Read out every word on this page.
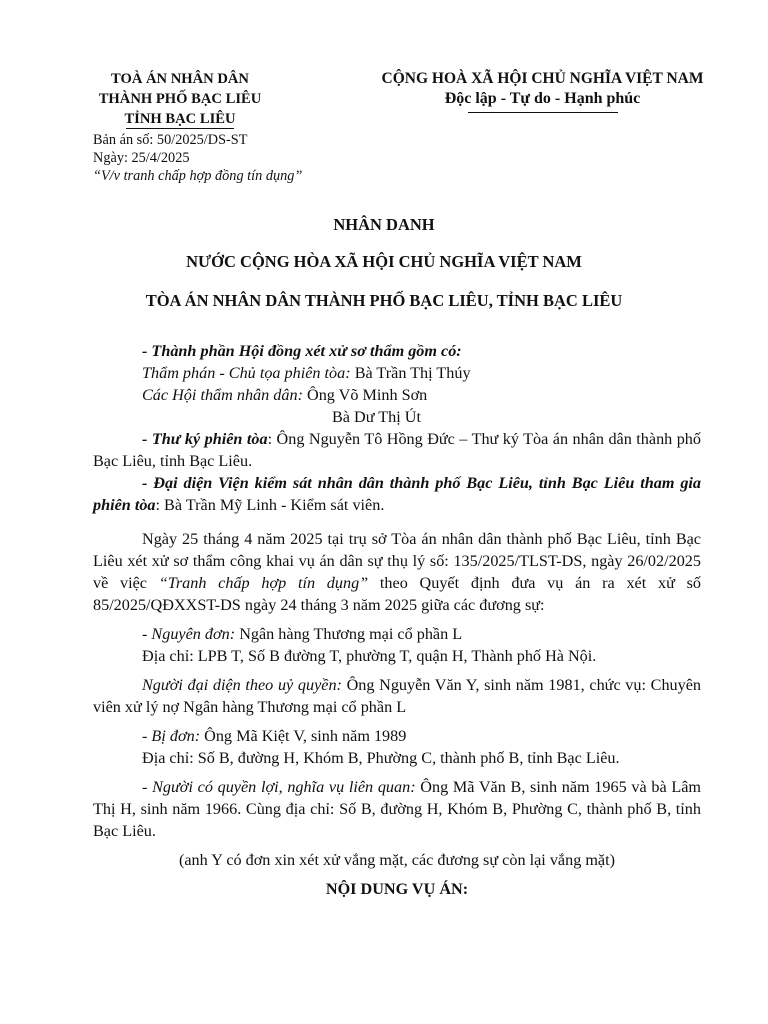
TOÀ ÁN NHÂN DÂN
THÀNH PHỐ BẠC LIÊU
TỈNH BẠC LIÊU
CỘNG HOÀ XÃ HỘI CHỦ NGHĨA VIỆT NAM
Độc lập - Tự do - Hạnh phúc
Bản án số: 50/2025/DS-ST
Ngày: 25/4/2025
“V/v tranh chấp hợp đồng tín dụng”
NHÂN DANH
NƯỚC CỘNG HÒA XÃ HỘI CHỦ NGHĨA VIỆT NAM
TÒA ÁN NHÂN DÂN THÀNH PHỐ BẠC LIÊU, TỈNH BẠC LIÊU

- Thành phần Hội đồng xét xử sơ thẩm gồm có:

Thẩm phán - Chủ tọa phiên tòa: Bà Trần Thị Thúy

Các Hội thẩm nhân dân: Ông Võ Minh Sơn

Bà Dư Thị Út

- Thư ký phiên tòa: Ông Nguyễn Tô Hồng Đức – Thư ký Tòa án nhân dân thành phố Bạc Liêu, tỉnh Bạc Liêu.

- Đại diện Viện kiểm sát nhân dân thành phố Bạc Liêu, tỉnh Bạc Liêu tham gia phiên tòa: Bà Trần Mỹ Linh - Kiểm sát viên.

Ngày 25 tháng 4 năm 2025 tại trụ sở Tòa án nhân dân thành phố Bạc Liêu, tỉnh Bạc Liêu xét xử sơ thẩm công khai vụ án dân sự thụ lý số: 135/2025/TLST-DS, ngày 26/02/2025 về việc “Tranh chấp hợp tín dụng” theo Quyết định đưa vụ án ra xét xử số 85/2025/QĐXXST-DS ngày 24 tháng 3 năm 2025 giữa các đương sự:

- Nguyên đơn: Ngân hàng Thương mại cổ phần L

Địa chỉ: LPB T, Số B đường T, phường T, quận H, Thành phố Hà Nội.

Người đại diện theo uỷ quyền: Ông Nguyễn Văn Y, sinh năm 1981, chức vụ: Chuyên viên xử lý nợ Ngân hàng Thương mại cổ phần L

- Bị đơn: Ông Mã Kiệt V, sinh năm 1989

Địa chỉ: Số B, đường H, Khóm B, Phường C, thành phố B, tỉnh Bạc Liêu.

- Người có quyền lợi, nghĩa vụ liên quan: Ông Mã Văn B, sinh năm 1965 và bà Lâm Thị H, sinh năm 1966. Cùng địa chỉ: Số B, đường H, Khóm B, Phường C, thành phố B, tỉnh Bạc Liêu.

(anh Y có đơn xin xét xử vắng mặt, các đương sự còn lại vắng mặt)

NỘI DUNG VỤ ÁN:
